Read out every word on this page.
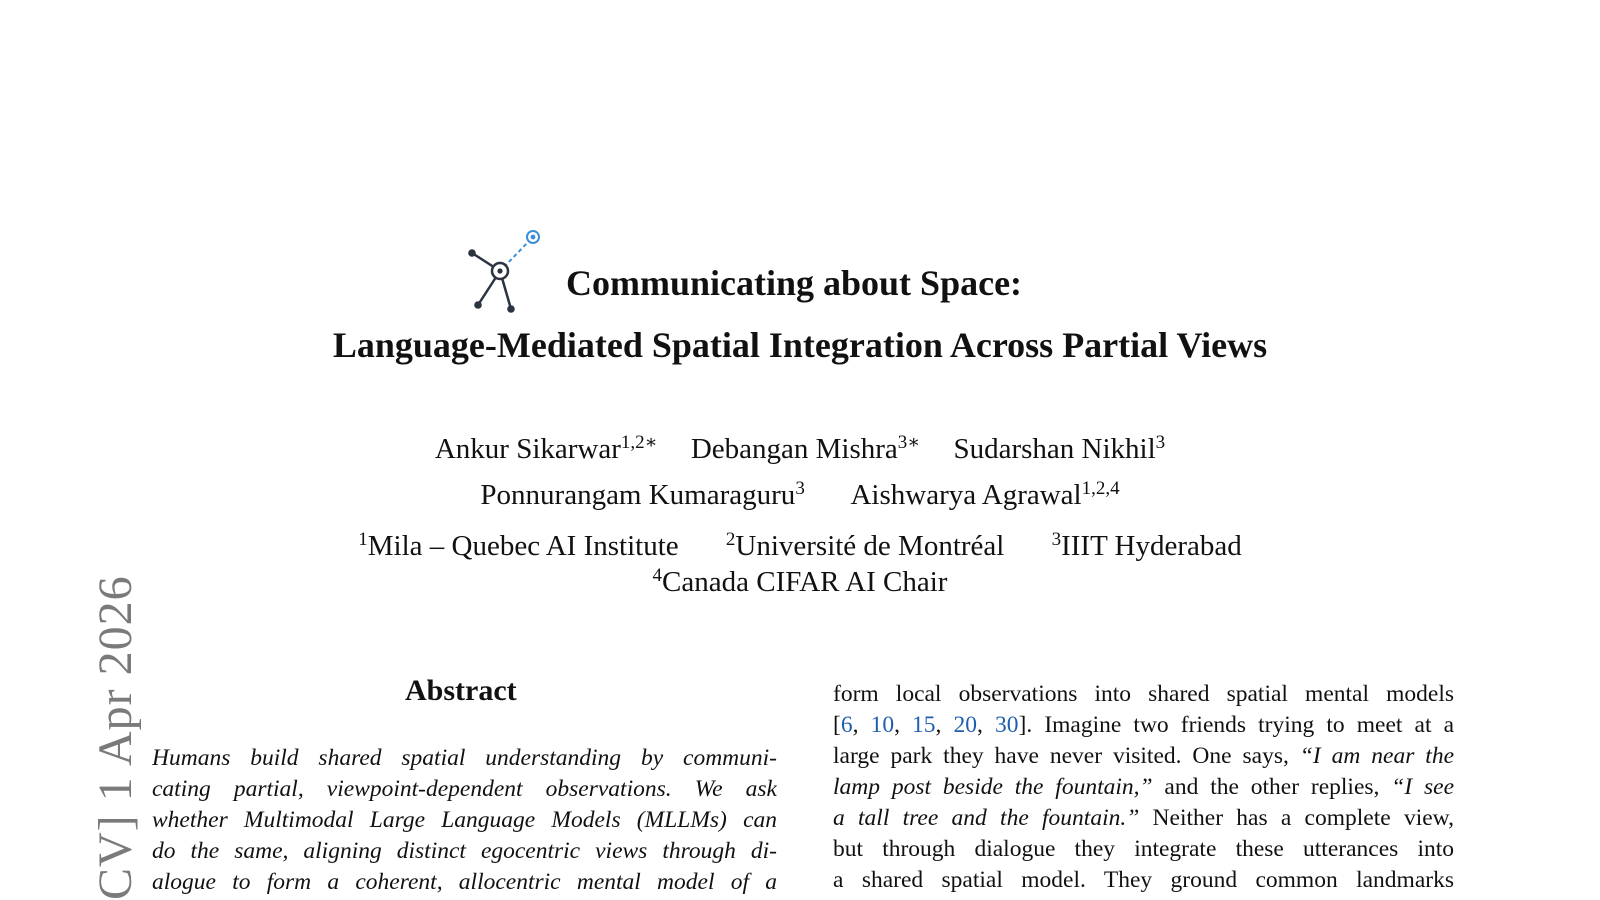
CV] 1 Apr 2026
Communicating about Space:
Language-Mediated Spatial Integration Across Partial Views
Ankur Sikarwar$^{1,2∗}$ Debangan Mishra$^{3∗}$ Sudarshan Nikhil$^3$
Ponnurangam Kumaraguru$^3$ Aishwarya Agrawal$^{1,2,4}$
$^1$Mila – Quebec AI Institute $^2$Université de Montréal $^3$IIIT Hyderabad
$^4$Canada CIFAR AI Chair
Abstract
Humans build shared spatial understanding by communi-
cating partial, viewpoint-dependent observations. We ask
whether Multimodal Large Language Models (MLLMs) can
do the same, aligning distinct egocentric views through di-
alogue to form a coherent, allocentric mental model of a
form local observations into shared spatial mental models
[6, 10, 15, 20, 30]. Imagine two friends trying to meet at a
large park they have never visited. One says, “I am near the
lamp post beside the fountain,” and the other replies, “I see
a tall tree and the fountain.” Neither has a complete view,
but through dialogue they integrate these utterances into
a shared spatial model. They ground common landmarks
